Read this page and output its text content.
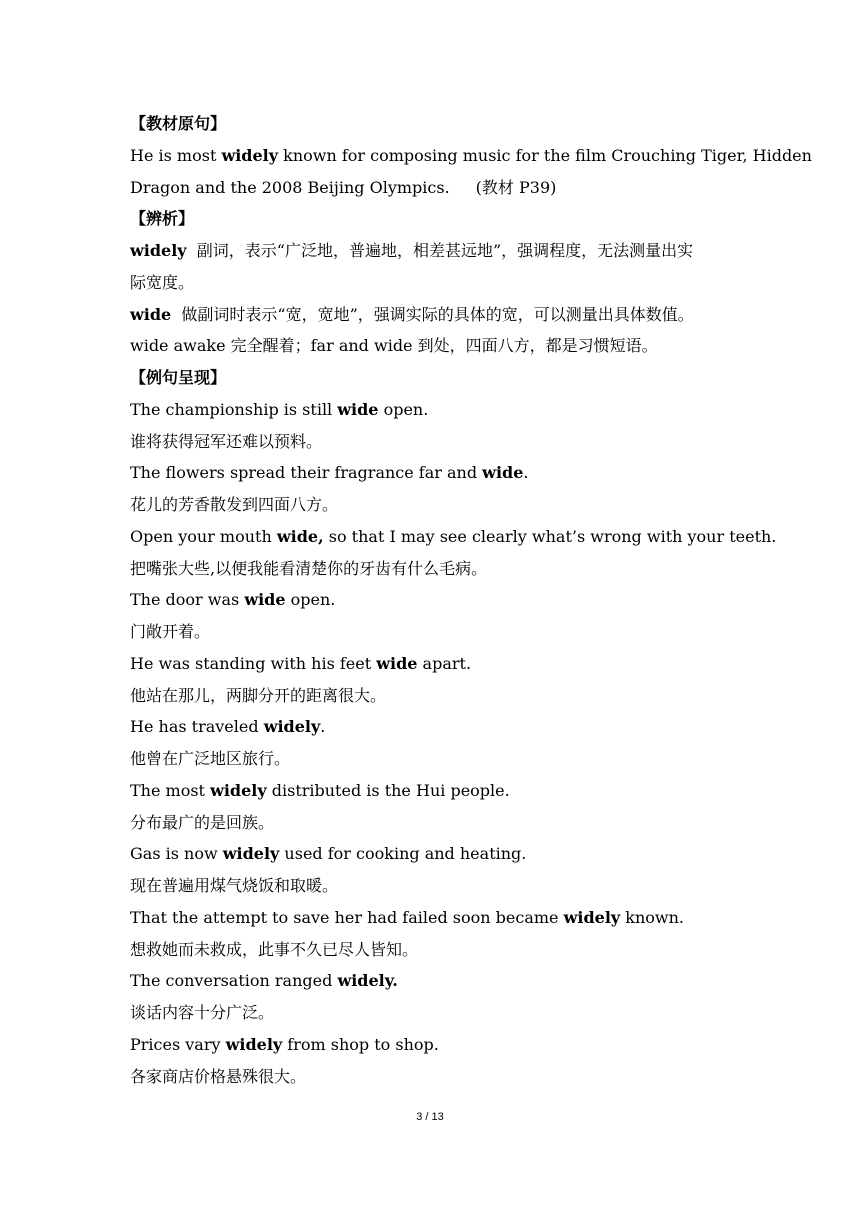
【教材原句】
He is most widely known for composing music for the film Crouching Tiger, Hidden
Dragon and the 2008 Beijing Olympics. (教材 P39)
【辨析】
widely 副词，表示“广泛地，普遍地，相差甚远地”，强调程度，无法测量出实
际宽度。
wide 做副词时表示“宽，宽地”，强调实际的具体的宽，可以测量出具体数值。
wide awake 完全醒着；far and wide 到处，四面八方，都是习惯短语。
【例句呈现】
The championship is still wide open.
谁将获得冠军还难以预料。
The flowers spread their fragrance far and wide.
花儿的芳香散发到四面八方。
Open your mouth wide, so that I may see clearly what’s wrong with your teeth.
把嘴张大些,以便我能看清楚你的牙齿有什么毛病。
The door was wide open.
门敞开着。
He was standing with his feet wide apart.
他站在那儿，两脚分开的距离很大。
He has traveled widely.
他曾在广泛地区旅行。
The most widely distributed is the Hui people.
分布最广的是回族。
Gas is now widely used for cooking and heating.
现在普遍用煤气烧饭和取暖。
That the attempt to save her had failed soon became widely known.
想救她而未救成，此事不久已尽人皆知。
The conversation ranged widely.
谈话内容十分广泛。
Prices vary widely from shop to shop.
各家商店价格悬殊很大。
3 / 13
